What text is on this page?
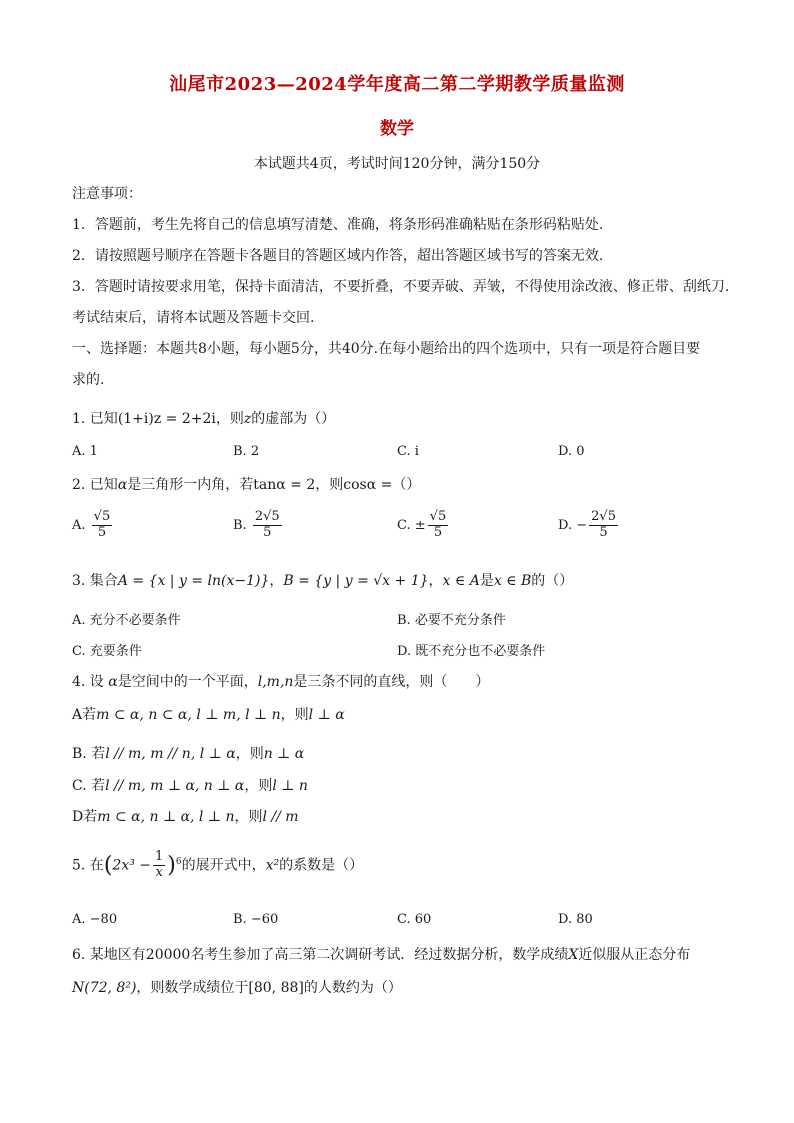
汕尾市2023—2024学年度高二第二学期教学质量监测
数学
本试题共4页，考试时间120分钟，满分150分
注意事项：
1．答题前，考生先将自己的信息填写清楚、准确，将条形码准确粘贴在条形码粘贴处.
2．请按照题号顺序在答题卡各题目的答题区域内作答，超出答题区域书写的答案无效.
3．答题时请按要求用笔，保持卡面清洁，不要折叠，不要弄破、弄皱，不得使用涂改液、修正带、刮纸刀.
考试结束后，请将本试题及答题卡交回.
一、选择题：本题共8小题，每小题5分，共40分.在每小题给出的四个选项中，只有一项是符合题目要
求的.
1. 已知(1+i)z = 2+2i，则z的虚部为（）
A. 1	B. 2	C. i	D. 0
2. 已知α是三角形一内角，若tanα = 2，则cosα =（）
A. $\frac{√5}{5}$	B. $\frac{2√5}{5}$	C. ± $\frac{√5}{5}$	D. − $\frac{2√5}{5}$
3. 集合A = {x | y = ln(x−1)}，B = {y | y = √x + 1}，x ∈ A是x ∈ B的（）
A. 充分不必要条件	B. 必要不充分条件
C. 充要条件	D. 既不充分也不必要条件
4. 设 α是空间中的一个平面，l,m,n是三条不同的直线，则（　　）
A若m ⊂ α, n ⊂ α, l ⊥ m, l ⊥ n，则l ⊥ α
B. 若l // m, m // n, l ⊥ α，则n ⊥ α
C. 若l // m, m ⊥ α, n ⊥ α，则l ⊥ n
D若m ⊂ α, n ⊥ α, l ⊥ n，则l // m
5. 在$(2x^3 - \frac{1}{x} )^6$的展开式中，x²的系数是（）
A. −80	B. −60	C. 60	D. 80
6. 某地区有20000名考生参加了高三第二次调研考试．经过数据分析，数学成绩X近似服从正态分布
N(72, 8²)，则数学成绩位于[80, 88]的人数约为（）
